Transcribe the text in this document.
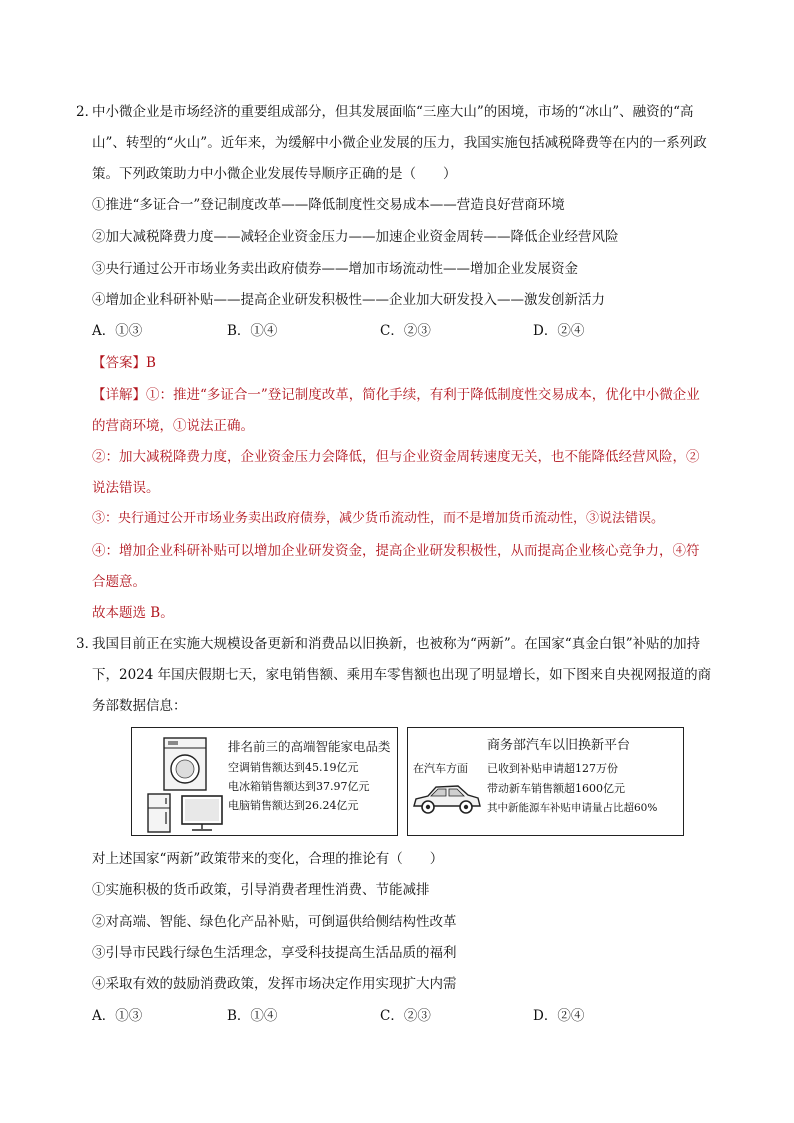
2．
中小微企业是市场经济的重要组成部分，但其发展面临“三座大山”的困境，市场的“冰山”、融资的“高
山”、转型的“火山”。近年来，为缓解中小微企业发展的压力，我国实施包括减税降费等在内的一系列政
策。下列政策助力中小微企业发展传导顺序正确的是（　　）
①推进“多证合一”登记制度改革——降低制度性交易成本——营造良好营商环境
②加大减税降费力度——减轻企业资金压力——加速企业资金周转——降低企业经营风险
③央行通过公开市场业务卖出政府债券——增加市场流动性——增加企业发展资金
④增加企业科研补贴——提高企业研发积极性——企业加大研发投入——激发创新活力
A．①③	B．①④	C．②③	D．②④
【答案】B
【详解】①：推进“多证合一”登记制度改革，简化手续，有利于降低制度性交易成本，优化中小微企业
的营商环境，①说法正确。
②：加大减税降费力度，企业资金压力会降低，但与企业资金周转速度无关，也不能降低经营风险，②
说法错误。
③：央行通过公开市场业务卖出政府债券，减少货币流动性，而不是增加货币流动性，③说法错误。
④：增加企业科研补贴可以增加企业研发资金，提高企业研发积极性，从而提高企业核心竞争力，④符
合题意。
故本题选 B。
3．
我国目前正在实施大规模设备更新和消费品以旧换新，也被称为“两新”。在国家“真金白银”补贴的加持
下，2024 年国庆假期七天，家电销售额、乘用车零售额也出现了明显增长，如下图来自央视网报道的商
务部数据信息：
排名前三的高端智能家电品类
空调销售额达到45.19亿元
电冰箱销售额达到37.97亿元
电脑销售额达到26.24亿元
商务部汽车以旧换新平台
在汽车方面 已收到补贴申请超127万份
带动新车销售额超1600亿元
其中新能源车补贴申请量占比超60%
对上述国家“两新”政策带来的变化，合理的推论有（　　）
①实施积极的货币政策，引导消费者理性消费、节能减排
②对高端、智能、绿色化产品补贴，可倒逼供给侧结构性改革
③引导市民践行绿色生活理念，享受科技提高生活品质的福利
④采取有效的鼓励消费政策，发挥市场决定作用实现扩大内需
A．①③	B．①④	C．②③	D．②④
